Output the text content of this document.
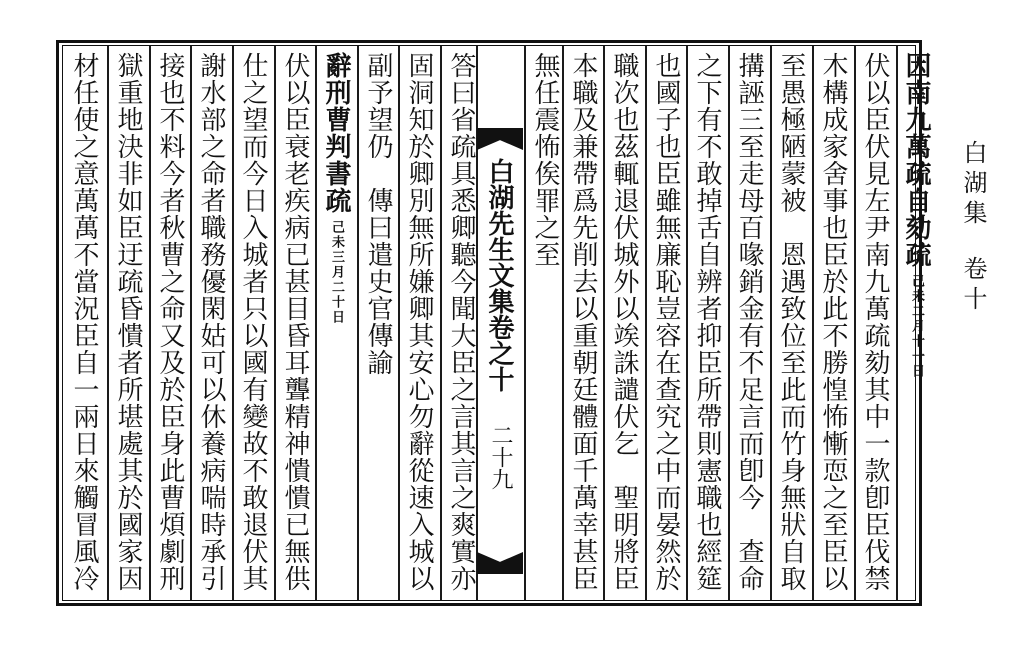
白湖集卷十
因南九萬疏自劾疏己未二月十一日
伏以臣伏見左尹南九萬疏劾其中一款卽臣伐禁
木構成家舍事也臣於此不勝惶怖慚恧之至臣以
至愚極陋蒙被　恩遇致位至此而竹身無狀自取
搆誣三至走母百喙銷金有不足言而卽今　查命
之下有不敢掉舌自辨者抑臣所帶則憲職也經筵
也國子也臣雖無廉恥豈容在查究之中而晏然於
職次也茲輒退伏城外以竢誅譴伏乞　聖明將臣
本職及兼帶爲先削去以重朝廷體面千萬幸甚臣
無任震怖俟罪之至
白湖先生文集卷之十
二十九
答曰省疏具悉卿聽今聞大臣之言其言之爽實亦
固洞知於卿別無所嫌卿其安心勿辭從速入城以
副予望仍　傳曰遣史官傳諭
辭刑曹判書疏己未三月二十日
伏以臣衰老疾病已甚目昏耳聾精神憒憒已無供
仕之望而今日入城者只以國有變故不敢退伏其
謝水部之命者職務優閑姑可以休養病喘時承引
接也不料今者秋曹之命又及於臣身此曹煩劇刑
獄重地決非如臣迂疏昏憒者所堪處其於國家因
材任使之意萬萬不當況臣自一兩日來觸冒風冷
